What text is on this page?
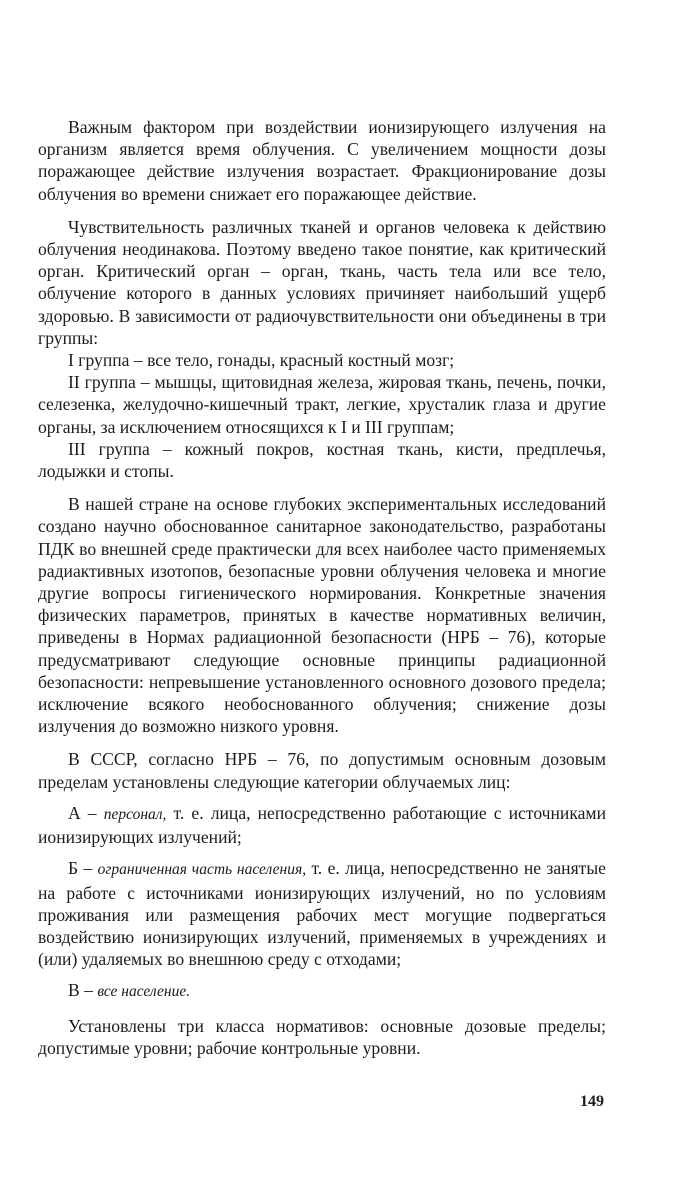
Важным фактором при воздействии ионизирующего излучения на организм является время облучения. С увеличением мощности дозы поражающее действие излучения возрастает. Фракционирование дозы облучения во времени снижает его поражающее действие.

Чувствительность различных тканей и органов человека к действию облучения неодинакова. Поэтому введено такое понятие, как критический орган. Критический орган – орган, ткань, часть тела или все тело, облучение которого в данных условиях причиняет наибольший ущерб здоровью. В зависимости от радиочувствительности они объединены в три группы:

I группа – все тело, гонады, красный костный мозг;

II группа – мышцы, щитовидная железа, жировая ткань, печень, почки, селезенка, желудочно-кишечный тракт, легкие, хрусталик глаза и другие органы, за исключением относящихся к I и III группам;

III группа – кожный покров, костная ткань, кисти, предплечья, лодыжки и стопы.

В нашей стране на основе глубоких экспериментальных исследований создано научно обоснованное санитарное законодательство, разработаны ПДК во внешней среде практически для всех наиболее часто применяемых радиактивных изотопов, безопасные уровни облучения человека и многие другие вопросы гигиенического нормирования. Конкретные значения физических параметров, принятых в качестве нормативных величин, приведены в Нормах радиационной безопасности (НРБ – 76), которые предусматривают следующие основные принципы радиационной безопасности: непревышение установленного основного дозового предела; исключение всякого необоснованного облучения; снижение дозы излучения до возможно низкого уровня.

В СССР, согласно НРБ – 76, по допустимым основным дозовым пределам установлены следующие категории облучаемых лиц:

А – персонал, т. е. лица, непосредственно работающие с источниками ионизирующих излучений;

Б – ограниченная часть населения, т. е. лица, непосредственно не занятые на работе с источниками ионизирующих излучений, но по условиям проживания или размещения рабочих мест могущие подвергаться воздействию ионизирующих излучений, применяемых в учреждениях и (или) удаляемых во внешнюю среду с отходами;

В – все население.

Установлены три класса нормативов: основные дозовые пределы; допустимые уровни; рабочие контрольные уровни.

149
